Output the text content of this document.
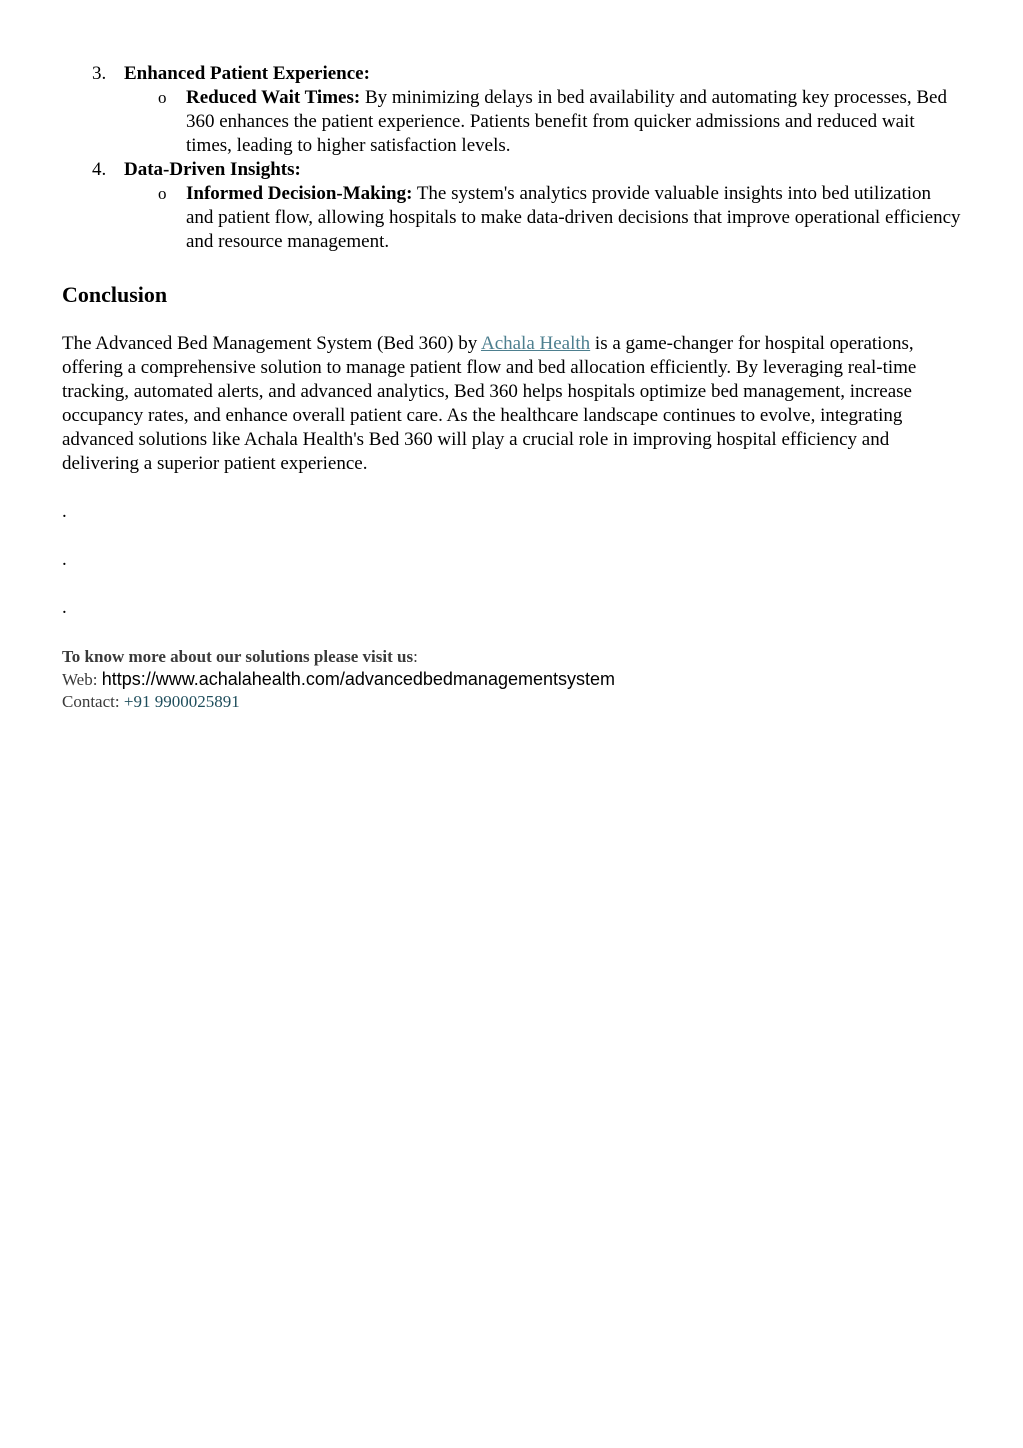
3. Enhanced Patient Experience:
o Reduced Wait Times: By minimizing delays in bed availability and automating key processes, Bed 360 enhances the patient experience. Patients benefit from quicker admissions and reduced wait times, leading to higher satisfaction levels.
4. Data-Driven Insights:
o Informed Decision-Making: The system's analytics provide valuable insights into bed utilization and patient flow, allowing hospitals to make data-driven decisions that improve operational efficiency and resource management.
Conclusion

The Advanced Bed Management System (Bed 360) by Achala Health is a game-changer for hospital operations, offering a comprehensive solution to manage patient flow and bed allocation efficiently. By leveraging real-time tracking, automated alerts, and advanced analytics, Bed 360 helps hospitals optimize bed management, increase occupancy rates, and enhance overall patient care. As the healthcare landscape continues to evolve, integrating advanced solutions like Achala Health's Bed 360 will play a crucial role in improving hospital efficiency and delivering a superior patient experience.

.

.

.

To know more about our solutions please visit us:
Web: https://www.achalahealth.com/advancedbedmanagementsystem
Contact: +91 9900025891
